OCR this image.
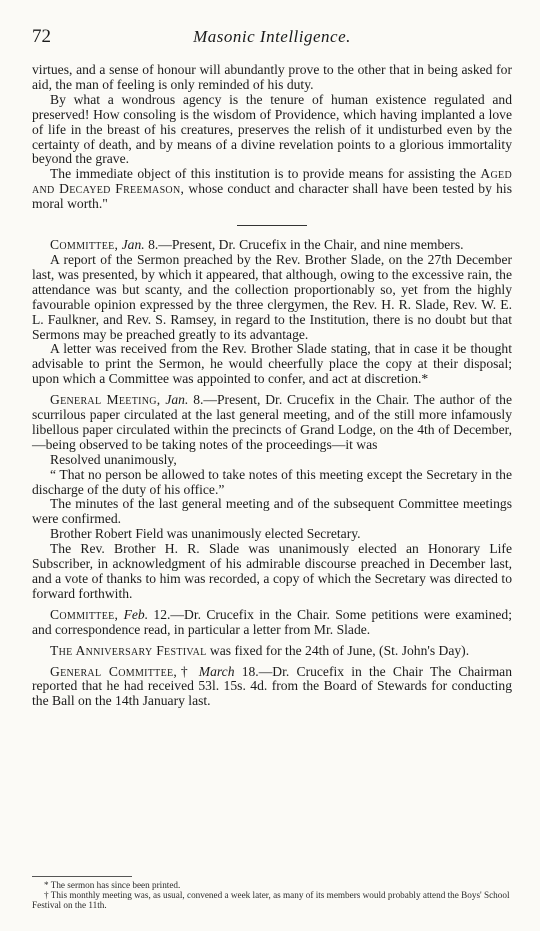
72	Masonic Intelligence.

virtues, and a sense of honour will abundantly prove to the other that in being asked for aid, the man of feeling is only reminded of his duty.

By what a wondrous agency is the tenure of human existence regulated and preserved! How consoling is the wisdom of Providence, which having implanted a love of life in the breast of his creatures, preserves the relish of it undisturbed even by the certainty of death, and by means of a divine revelation points to a glorious immortality beyond the grave.

The immediate object of this institution is to provide means for assisting the Aged and Decayed Freemason, whose conduct and character shall have been tested by his moral worth."

Committee, Jan. 8.—Present, Dr. Crucefix in the Chair, and nine members.

A report of the Sermon preached by the Rev. Brother Slade, on the 27th December last, was presented, by which it appeared, that although, owing to the excessive rain, the attendance was but scanty, and the collection proportionably so, yet from the highly favourable opinion expressed by the three clergymen, the Rev. H. R. Slade, Rev. W. E. L. Faulkner, and Rev. S. Ramsey, in regard to the Institution, there is no doubt but that Sermons may be preached greatly to its advantage.

A letter was received from the Rev. Brother Slade stating, that in case it be thought advisable to print the Sermon, he would cheerfully place the copy at their disposal; upon which a Committee was appointed to confer, and act at discretion.*

General Meeting, Jan. 8.—Present, Dr. Crucefix in the Chair. The author of the scurrilous paper circulated at the last general meeting, and of the still more infamously libellous paper circulated within the precincts of Grand Lodge, on the 4th of December,—being observed to be taking notes of the proceedings—it was

Resolved unanimously,

“ That no person be allowed to take notes of this meeting except the Secretary in the discharge of the duty of his office.”

The minutes of the last general meeting and of the subsequent Committee meetings were confirmed.

Brother Robert Field was unanimously elected Secretary.

The Rev. Brother H. R. Slade was unanimously elected an Honorary Life Subscriber, in acknowledgment of his admirable discourse preached in December last, and a vote of thanks to him was recorded, a copy of which the Secretary was directed to forward forthwith.

Committee, Feb. 12.—Dr. Crucefix in the Chair. Some petitions were examined; and correspondence read, in particular a letter from Mr. Slade.

The Anniversary Festival was fixed for the 24th of June, (St. John's Day).

General Committee,† March 18.—Dr. Crucefix in the Chair The Chairman reported that he had received 53l. 15s. 4d. from the Board of Stewards for conducting the Ball on the 14th January last.

* The sermon has since been printed.

† This monthly meeting was, as usual, convened a week later, as many of its members would probably attend the Boys' School Festival on the 11th.
